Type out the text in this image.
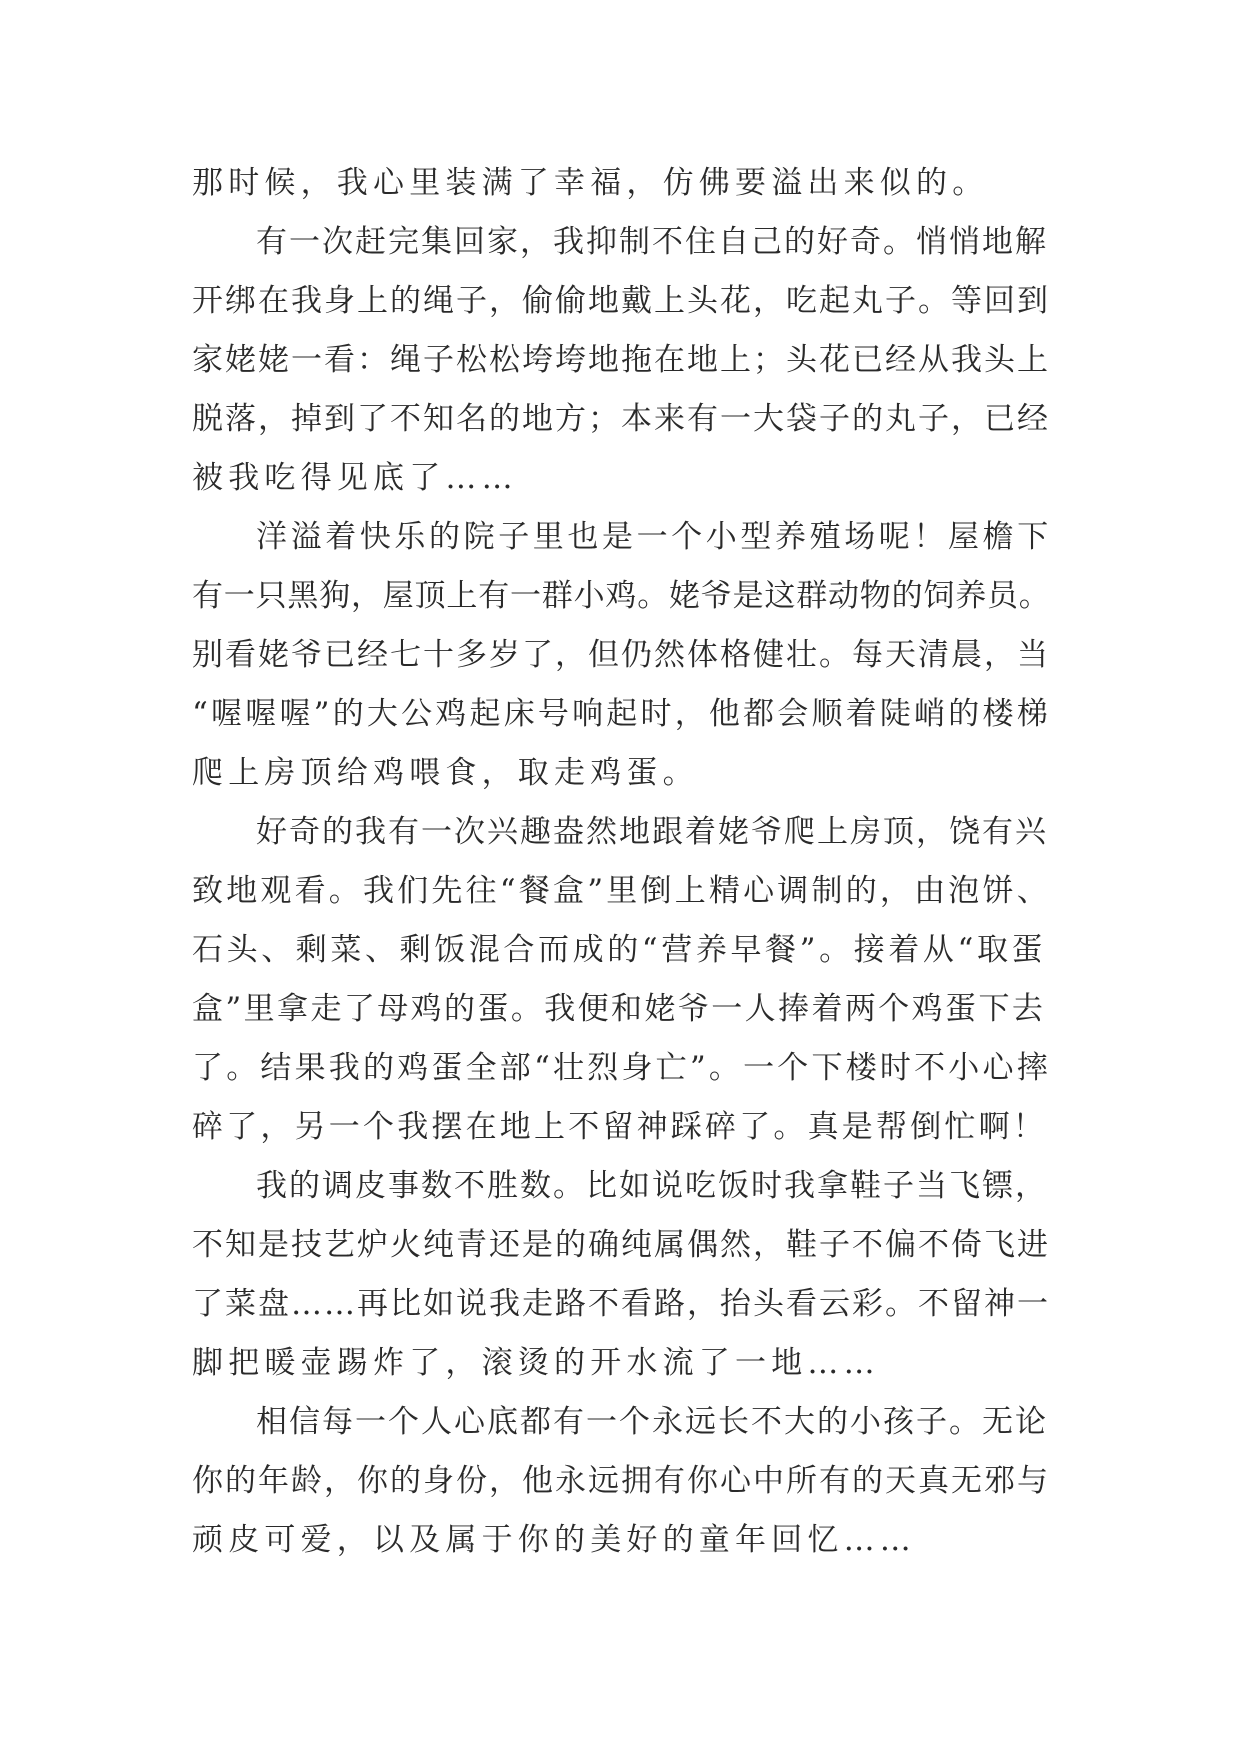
那时候，我心里装满了幸福，仿佛要溢出来似的。
有一次赶完集回家，我抑制不住自己的好奇。悄悄地解
开绑在我身上的绳子，偷偷地戴上头花，吃起丸子。等回到
家姥姥一看：绳子松松垮垮地拖在地上；头花已经从我头上
脱落，掉到了不知名的地方；本来有一大袋子的丸子，已经
被我吃得见底了……
洋溢着快乐的院子里也是一个小型养殖场呢！屋檐下
有一只黑狗，屋顶上有一群小鸡。姥爷是这群动物的饲养员。
别看姥爷已经七十多岁了，但仍然体格健壮。每天清晨，当
“喔喔喔”的大公鸡起床号响起时，他都会顺着陡峭的楼梯
爬上房顶给鸡喂食，取走鸡蛋。
好奇的我有一次兴趣盎然地跟着姥爷爬上房顶，饶有兴
致地观看。我们先往“餐盒”里倒上精心调制的，由泡饼、
石头、剩菜、剩饭混合而成的“营养早餐”。接着从“取蛋
盒”里拿走了母鸡的蛋。我便和姥爷一人捧着两个鸡蛋下去
了。结果我的鸡蛋全部“壮烈身亡”。一个下楼时不小心摔
碎了，另一个我摆在地上不留神踩碎了。真是帮倒忙啊！
我的调皮事数不胜数。比如说吃饭时我拿鞋子当飞镖，
不知是技艺炉火纯青还是的确纯属偶然，鞋子不偏不倚飞进
了菜盘……再比如说我走路不看路，抬头看云彩。不留神一
脚把暖壶踢炸了，滚烫的开水流了一地……
相信每一个人心底都有一个永远长不大的小孩子。无论
你的年龄，你的身份，他永远拥有你心中所有的天真无邪与
顽皮可爱，以及属于你的美好的童年回忆……
